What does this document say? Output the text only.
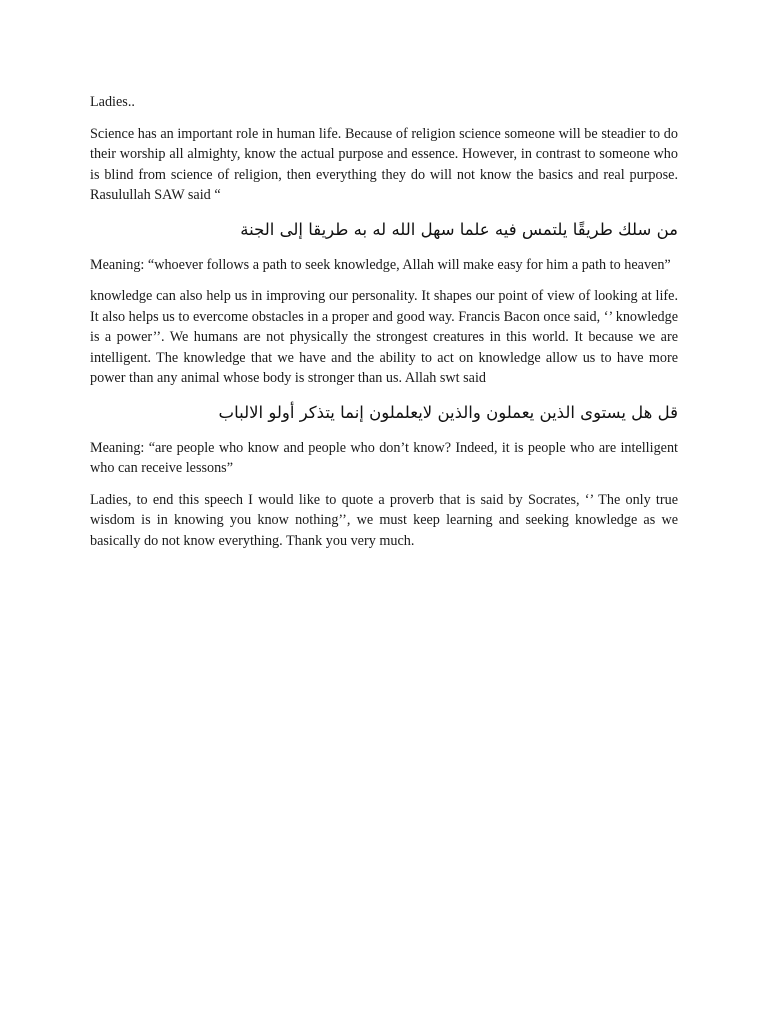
Ladies..

Science has an important role in human life. Because of religion science someone will be steadier to do their worship all almighty, know the actual purpose and essence. However, in contrast to someone who is blind from science of religion, then everything they do will not know the basics and real purpose. Rasulullah SAW said “

من سلك طريقًا يلتمس فيه علما سهل الله له به طريقا إلى الجنة

Meaning: “whoever follows a path to seek knowledge, Allah will make easy for him a path to heaven”

knowledge can also help us in improving our personality. It shapes our point of view of looking at life. It also helps us to evercome obstacles in a proper and good way. Francis Bacon once said, ‘’ knowledge is a power’’. We humans are not physically the strongest creatures in this world. It because we are intelligent. The knowledge that we have and the ability to act on knowledge allow us to have more power than any animal whose body is stronger than us. Allah swt said

قل هل يستوى الذين يعملون والذين لايعلملون إنما يتذكر أولو الالباب

Meaning: “are people who know and people who don’t know? Indeed, it is people who are intelligent who can receive lessons”

Ladies, to end this speech I would like to quote a proverb that is said by Socrates, ‘’ The only true wisdom is in knowing you know nothing’’, we must keep learning and seeking knowledge as we basically do not know everything. Thank you very much.
